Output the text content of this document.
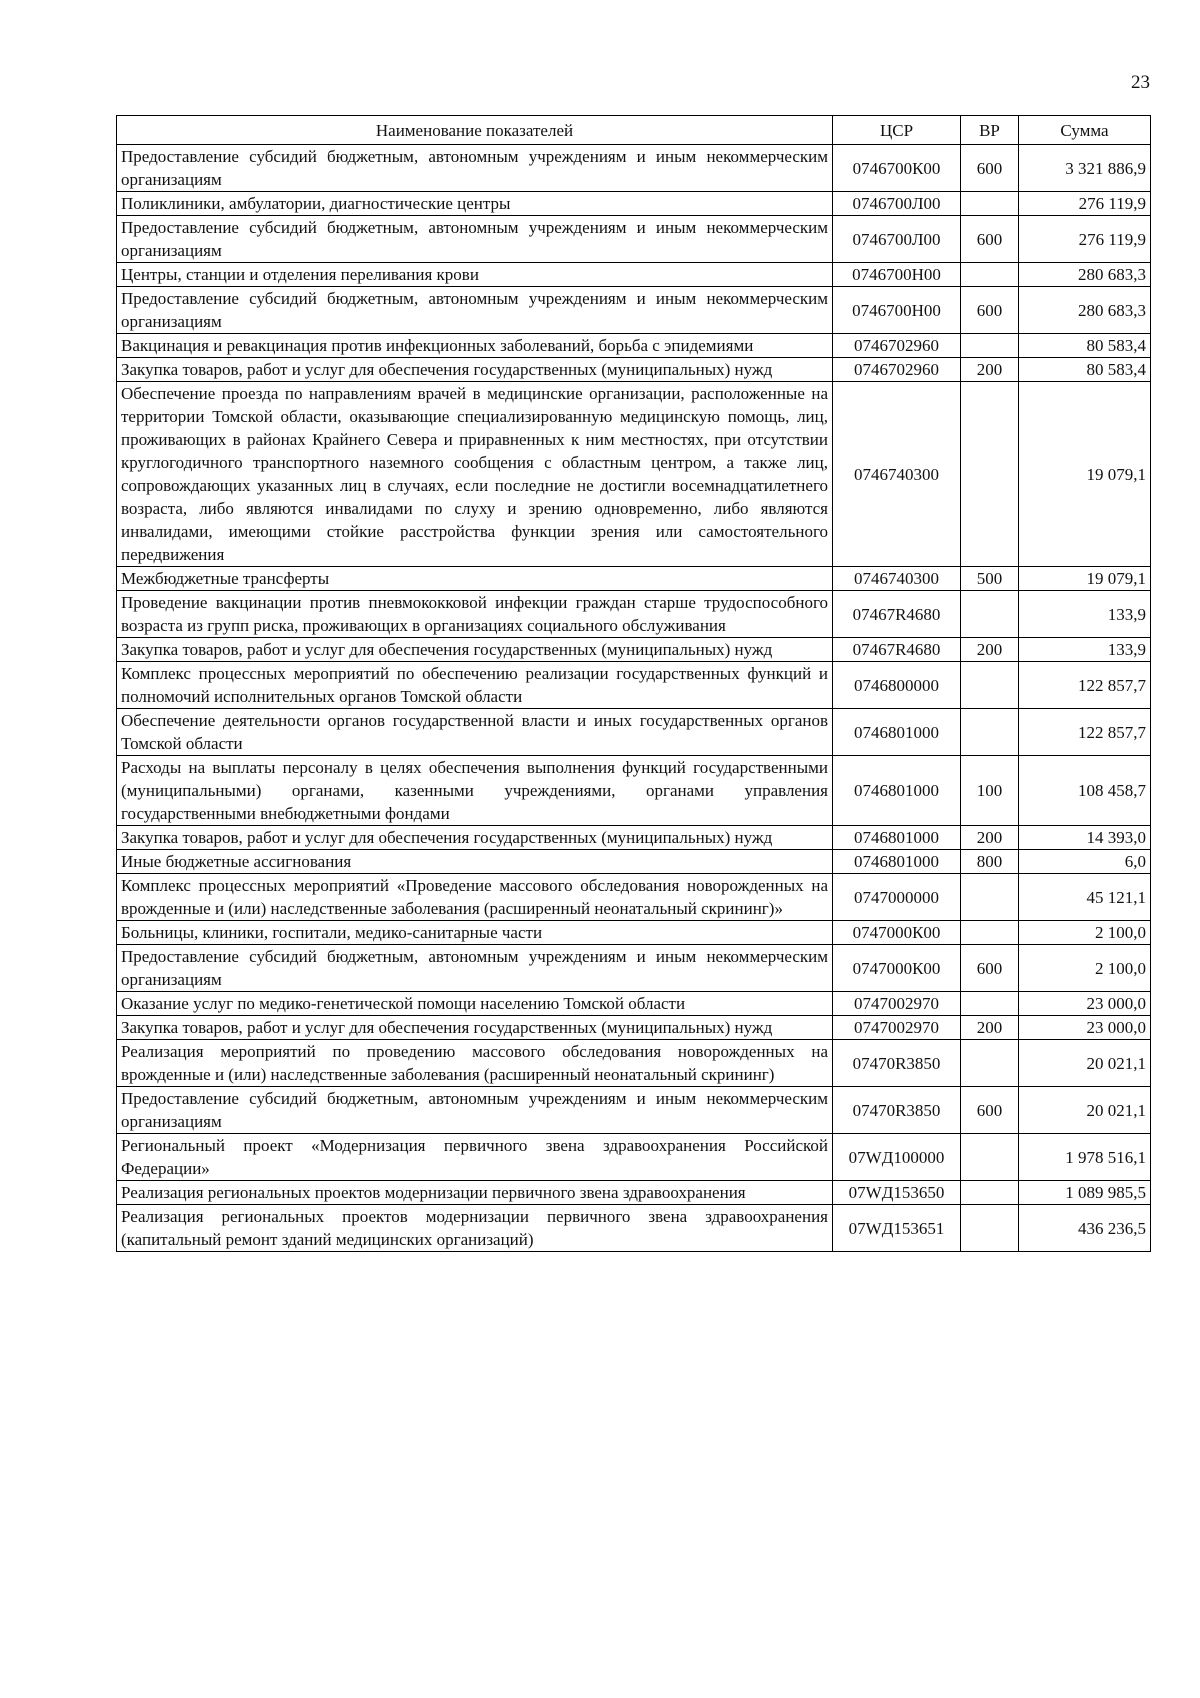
23
Наименование показателей	ЦСР	ВР	Сумма
Предоставление субсидий бюджетным, автономным учреждениям и иным некоммерческим организациям	0746700К00	600	3 321 886,9
Поликлиники, амбулатории, диагностические центры	0746700Л00		276 119,9
Предоставление субсидий бюджетным, автономным учреждениям и иным некоммерческим организациям	0746700Л00	600	276 119,9
Центры, станции и отделения переливания крови	0746700Н00		280 683,3
Предоставление субсидий бюджетным, автономным учреждениям и иным некоммерческим организациям	0746700Н00	600	280 683,3
Вакцинация и ревакцинация против инфекционных заболеваний, борьба с эпидемиями	0746702960		80 583,4
Закупка товаров, работ и услуг для обеспечения государственных (муниципальных) нужд	0746702960	200	80 583,4
Обеспечение проезда по направлениям врачей в медицинские организации, расположенные на территории Томской области, оказывающие специализированную медицинскую помощь, лиц, проживающих в районах Крайнего Севера и приравненных к ним местностях, при отсутствии круглогодичного транспортного наземного сообщения с областным центром, а также лиц, сопровождающих указанных лиц в случаях, если последние не достигли восемнадцатилетнего возраста, либо являются инвалидами по слуху и зрению одновременно, либо являются инвалидами, имеющими стойкие расстройства функции зрения или самостоятельного передвижения	0746740300		19 079,1
Межбюджетные трансферты	0746740300	500	19 079,1
Проведение вакцинации против пневмококковой инфекции граждан старше трудоспособного возраста из групп риска, проживающих в организациях социального обслуживания	07467R4680		133,9
Закупка товаров, работ и услуг для обеспечения государственных (муниципальных) нужд	07467R4680	200	133,9
Комплекс процессных мероприятий по обеспечению реализации государственных функций и полномочий исполнительных органов Томской области	0746800000		122 857,7
Обеспечение деятельности органов государственной власти и иных государственных органов Томской области	0746801000		122 857,7
Расходы на выплаты персоналу в целях обеспечения выполнения функций государственными (муниципальными) органами, казенными учреждениями, органами управления государственными внебюджетными фондами	0746801000	100	108 458,7
Закупка товаров, работ и услуг для обеспечения государственных (муниципальных) нужд	0746801000	200	14 393,0
Иные бюджетные ассигнования	0746801000	800	6,0
Комплекс процессных мероприятий «Проведение массового обследования новорожденных на врожденные и (или) наследственные заболевания (расширенный неонатальный скрининг)»	0747000000		45 121,1
Больницы, клиники, госпитали, медико-санитарные части	0747000К00		2 100,0
Предоставление субсидий бюджетным, автономным учреждениям и иным некоммерческим организациям	0747000К00	600	2 100,0
Оказание услуг по медико-генетической помощи населению Томской области	0747002970		23 000,0
Закупка товаров, работ и услуг для обеспечения государственных (муниципальных) нужд	0747002970	200	23 000,0
Реализация мероприятий по проведению массового обследования новорожденных на врожденные и (или) наследственные заболевания (расширенный неонатальный скрининг)	07470R3850		20 021,1
Предоставление субсидий бюджетным, автономным учреждениям и иным некоммерческим организациям	07470R3850	600	20 021,1
Региональный проект «Модернизация первичного звена здравоохранения Российской Федерации»	07WД100000		1 978 516,1
Реализация региональных проектов модернизации первичного звена здравоохранения	07WД153650		1 089 985,5
Реализация региональных проектов модернизации первичного звена здравоохранения (капитальный ремонт зданий медицинских организаций)	07WД153651		436 236,5
